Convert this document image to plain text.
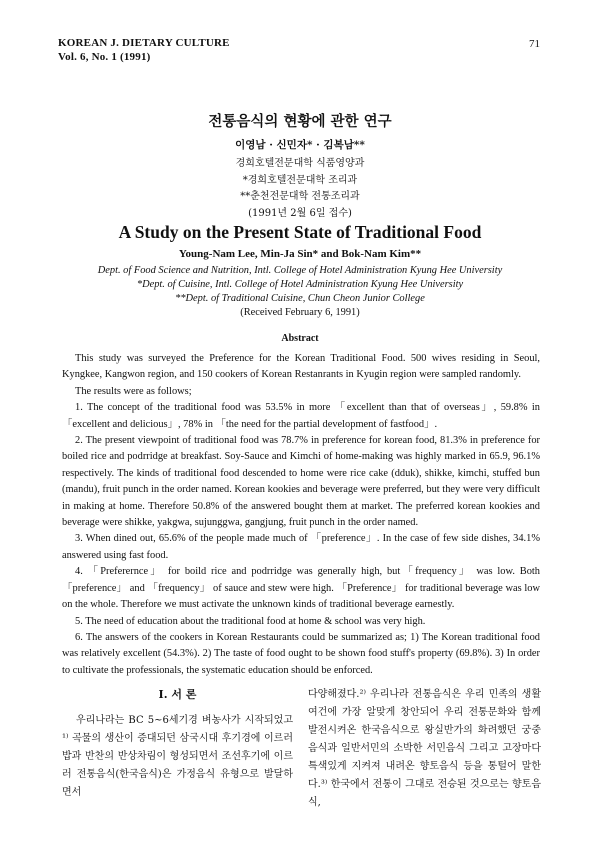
KOREAN J. DIETARY CULTURE
Vol. 6, No. 1 (1991)
71
전통음식의 현황에 관한 연구
이영남 · 신민자* · 김복남**
경희호텔전문대학 식품영양과
*경희호텔전문대학 조리과
**춘천전문대학 전통조리과
(1991년 2월 6일 접수)
A Study on the Present State of Traditional Food
Young-Nam Lee, Min-Ja Sin* and Bok-Nam Kim**
Dept. of Food Science and Nutrition, Intl. College of Hotel Administration Kyung Hee University
*Dept. of Cuisine, Intl. College of Hotel Administration Kyung Hee University
**Dept. of Traditional Cuisine, Chun Cheon Junior College
(Received February 6, 1991)
Abstract

This study was surveyed the Preference for the Korean Traditional Food. 500 wives residing in Seoul, Kyngkee, Kangwon region, and 150 cookers of Korean Restanrants in Kyugin region were sampled randomly.

The results were as follows;

1. The concept of the traditional food was 53.5% in more 「excellent than that of overseas」, 59.8% in 「excellent and delicious」, 78% in 「the need for the partial development of fastfood」.

2. The present viewpoint of traditional food was 78.7% in preference for korean food, 81.3% in preference for boiled rice and podrridge at breakfast. Soy-Sauce and Kimchi of home-making was highly marked in 65.9, 96.1% respectively. The kinds of traditional food descended to home were rice cake (dduk), shikke, kimchi, stuffed bun (mandu), fruit punch in the order named. Korean kookies and beverage were preferred, but they were very difficult in making at home. Therefore 50.8% of the answered bought them at market. The preferred korean kookies and beverage were shikke, yakgwa, sujunggwa, gangjung, fruit punch in the order named.

3. When dined out, 65.6% of the people made much of 「preference」. In the case of few side dishes, 34.1% answered using fast food.

4. 「Preferernce」 for boild rice and podrridge was generally high, but「frequency」 was low. Both 「preference」 and 「frequency」 of sauce and stew were high. 「Preference」 for traditional beverage was low on the whole. Therefore we must activate the unknown kinds of traditional beverage earnestly.

5. The need of education about the traditional food at home & school was very high.

6. The answers of the cookers in Korean Restaurants could be summarized as; 1) The Korean traditional food was relatively excellent (54.3%). 2) The taste of food ought to be shown food stuff's property (69.8%). 3) In order to cultivate the professionals, the systematic education should be enforced.

I. 서 론

우리나라는 BC 5~6세기경 벼농사가 시작되었고¹⁾ 곡물의 생산이 증대되던 삼국시대 후기경에 이르러 밥과 반찬의 반상차림이 형성되면서 조선후기에 이르러 전통음식(한국음식)은 가정음식 유형으로 발달하면서

다양해졌다.²⁾ 우리나라 전통음식은 우리 민족의 생활여건에 가장 알맞게 창안되어 우리 전통문화와 함께 발전시켜온 한국음식으로 왕실반가의 화려했던 궁중음식과 일반서민의 소박한 서민음식 그리고 고장마다 특색있게 지켜져 내려온 향토음식 등을 통털어 말한다.³⁾ 한국에서 전통이 그대로 전승된 것으로는 향토음식,
